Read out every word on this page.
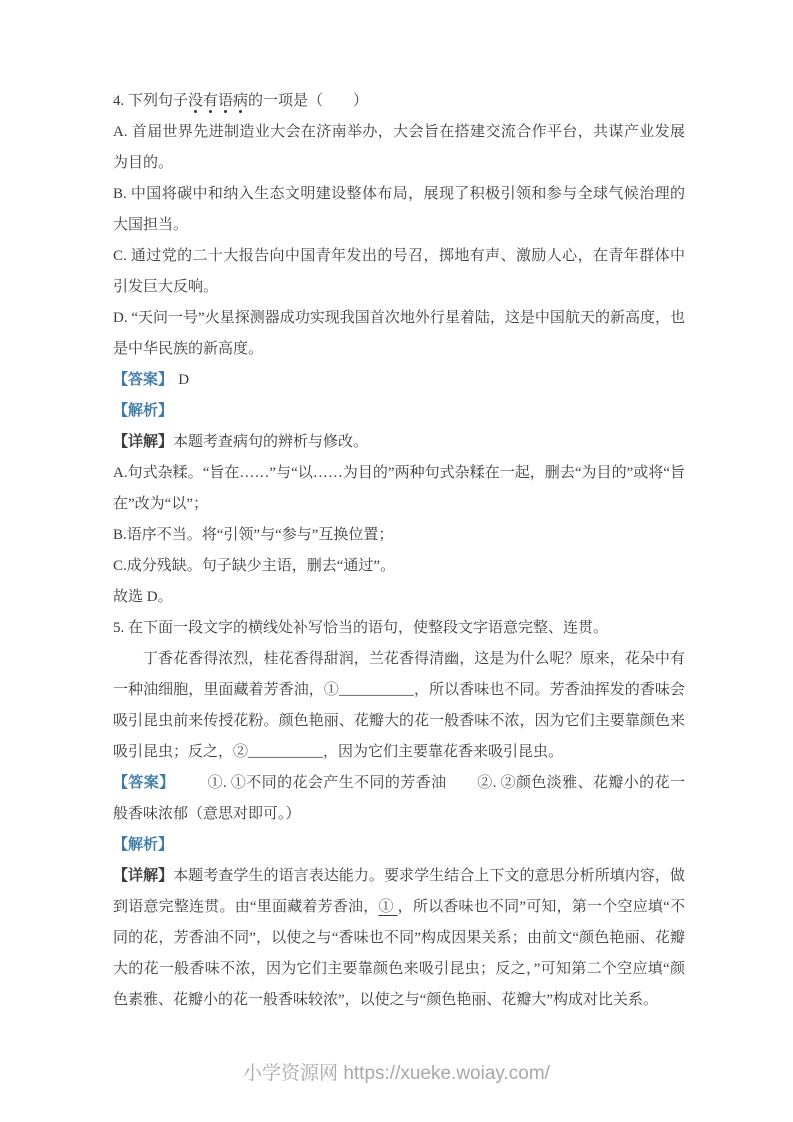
4. 下列句子没有语病的一项是（　　）

A. 首届世界先进制造业大会在济南举办，大会旨在搭建交流合作平台，共谋产业发展为目的。

B. 中国将碳中和纳入生态文明建设整体布局，展现了积极引领和参与全球气候治理的大国担当。

C. 通过党的二十大报告向中国青年发出的号召，掷地有声、激励人心，在青年群体中引发巨大反响。

D. “天问一号”火星探测器成功实现我国首次地外行星着陆，这是中国航天的新高度，也是中华民族的新高度。

【答案】 D

【解析】

【详解】本题考查病句的辨析与修改。

A.句式杂糅。“旨在……”与“以……为目的”两种句式杂糅在一起，删去“为目的”或将“旨在”改为“以”；

B.语序不当。将“引领”与“参与”互换位置；

C.成分残缺。句子缺少主语，删去“通过”。

故选 D。

5. 在下面一段文字的横线处补写恰当的语句，使整段文字语意完整、连贯。

丁香花香得浓烈，桂花香得甜润，兰花香得清幽，这是为什么呢？原来，花朵中有一种油细胞，里面藏着芳香油，①__________，所以香味也不同。芳香油挥发的香味会吸引昆虫前来传授花粉。颜色艳丽、花瓣大的花一般香味不浓，因为它们主要靠颜色来吸引昆虫；反之，②__________，因为它们主要靠花香来吸引昆虫。

【答案】 ①. ①不同的花会产生不同的芳香油　　②. ②颜色淡雅、花瓣小的花一般香味浓郁（意思对即可。）

【解析】

【详解】本题考查学生的语言表达能力。要求学生结合上下文的意思分析所填内容，做到语意完整连贯。由“里面藏着芳香油，① ，所以香味也不同”可知，第一个空应填“不同的花，芳香油不同”，以使之与“香味也不同”构成因果关系；由前文“颜色艳丽、花瓣大的花一般香味不浓，因为它们主要靠颜色来吸引昆虫；反之，”可知第二个空应填“颜色素雅、花瓣小的花一般香味较浓”，以使之与“颜色艳丽、花瓣大”构成对比关系。

小学资源网 https://xueke.woiay.com/
